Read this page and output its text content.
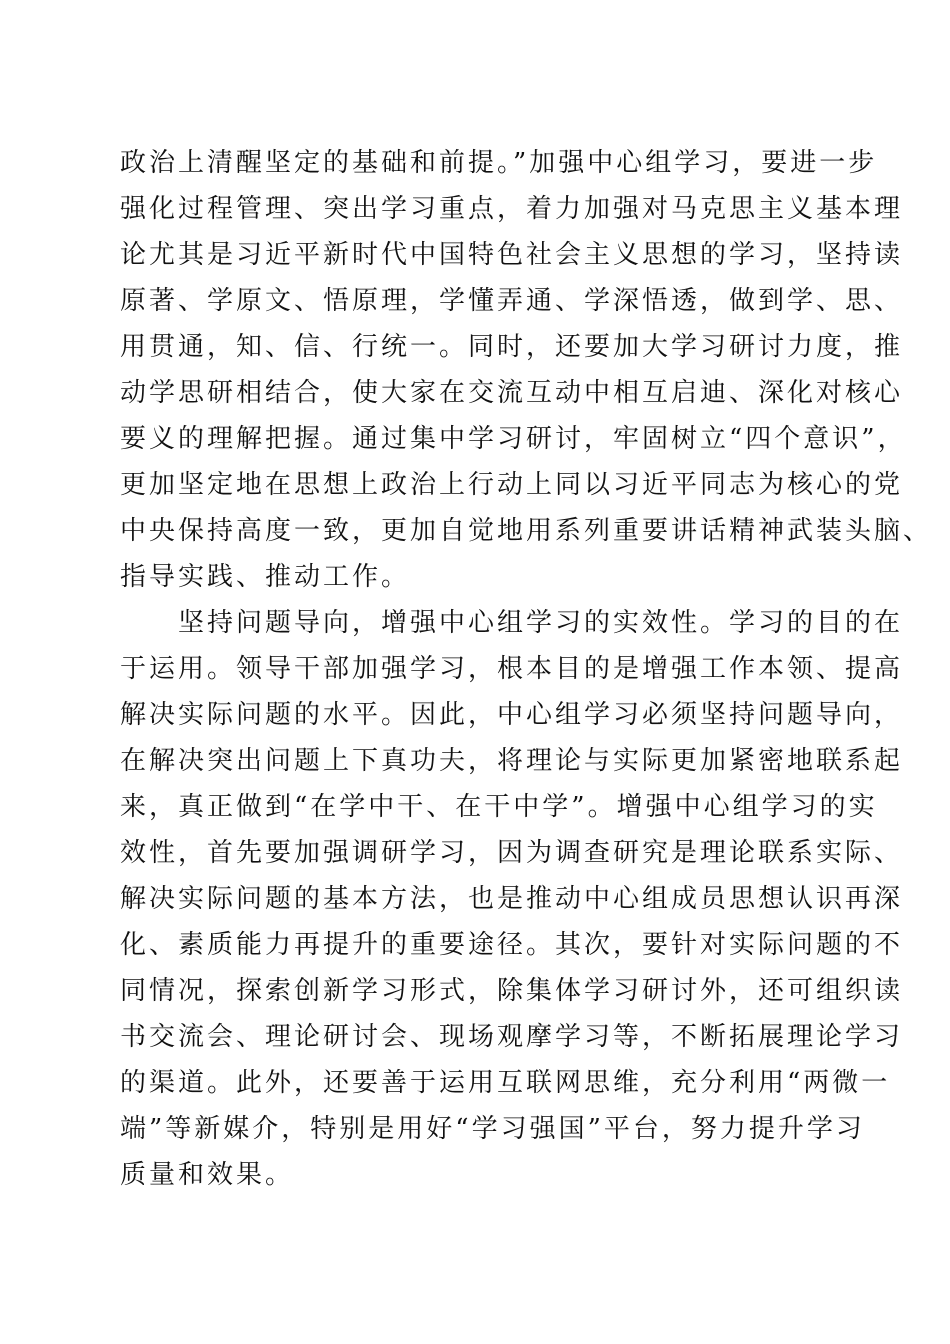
政治上清醒坚定的基础和前提。”加强中心组学习，要进一步
强化过程管理、突出学习重点，着力加强对马克思主义基本理
论尤其是习近平新时代中国特色社会主义思想的学习，坚持读
原著、学原文、悟原理，学懂弄通、学深悟透，做到学、思、
用贯通，知、信、行统一。同时，还要加大学习研讨力度，推
动学思研相结合，使大家在交流互动中相互启迪、深化对核心
要义的理解把握。通过集中学习研讨，牢固树立“四个意识”，
更加坚定地在思想上政治上行动上同以习近平同志为核心的党
中央保持高度一致，更加自觉地用系列重要讲话精神武装头脑、
指导实践、推动工作。
坚持问题导向，增强中心组学习的实效性。学习的目的在
于运用。领导干部加强学习，根本目的是增强工作本领、提高
解决实际问题的水平。因此，中心组学习必须坚持问题导向，
在解决突出问题上下真功夫，将理论与实际更加紧密地联系起
来，真正做到“在学中干、在干中学”。增强中心组学习的实
效性，首先要加强调研学习，因为调查研究是理论联系实际、
解决实际问题的基本方法，也是推动中心组成员思想认识再深
化、素质能力再提升的重要途径。其次，要针对实际问题的不
同情况，探索创新学习形式，除集体学习研讨外，还可组织读
书交流会、理论研讨会、现场观摩学习等，不断拓展理论学习
的渠道。此外，还要善于运用互联网思维，充分利用“两微一
端”等新媒介，特别是用好“学习强国”平台，努力提升学习
质量和效果。
